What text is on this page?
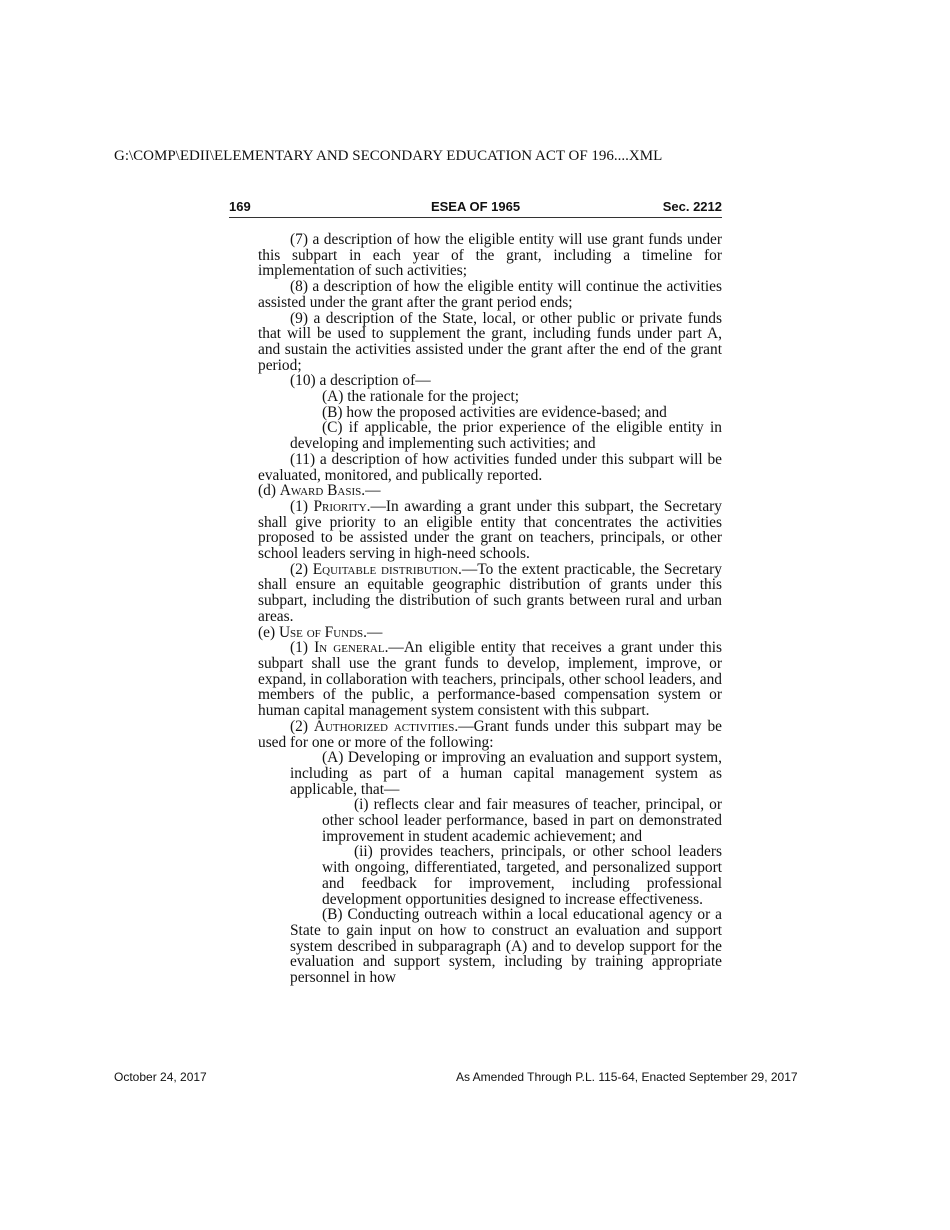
G:\COMP\EDII\ELEMENTARY AND SECONDARY EDUCATION ACT OF 196....XML
169	ESEA OF 1965	Sec. 2212

(7) a description of how the eligible entity will use grant funds under this subpart in each year of the grant, including a timeline for implementation of such activities;

(8) a description of how the eligible entity will continue the activities assisted under the grant after the grant period ends;

(9) a description of the State, local, or other public or private funds that will be used to supplement the grant, including funds under part A, and sustain the activities assisted under the grant after the end of the grant period;

(10) a description of—

(A) the rationale for the project;

(B) how the proposed activities are evidence-based; and

(C) if applicable, the prior experience of the eligible entity in developing and implementing such activities; and

(11) a description of how activities funded under this subpart will be evaluated, monitored, and publically reported.

(d) Award Basis.—

(1) Priority.—In awarding a grant under this subpart, the Secretary shall give priority to an eligible entity that concentrates the activities proposed to be assisted under the grant on teachers, principals, or other school leaders serving in high-need schools.

(2) Equitable distribution.—To the extent practicable, the Secretary shall ensure an equitable geographic distribution of grants under this subpart, including the distribution of such grants between rural and urban areas.

(e) Use of Funds.—

(1) In general.—An eligible entity that receives a grant under this subpart shall use the grant funds to develop, implement, improve, or expand, in collaboration with teachers, principals, other school leaders, and members of the public, a performance-based compensation system or human capital management system consistent with this subpart.

(2) Authorized activities.—Grant funds under this subpart may be used for one or more of the following:

(A) Developing or improving an evaluation and support system, including as part of a human capital management system as applicable, that—

(i) reflects clear and fair measures of teacher, principal, or other school leader performance, based in part on demonstrated improvement in student academic achievement; and

(ii) provides teachers, principals, or other school leaders with ongoing, differentiated, targeted, and personalized support and feedback for improvement, including professional development opportunities designed to increase effectiveness.

(B) Conducting outreach within a local educational agency or a State to gain input on how to construct an evaluation and support system described in subparagraph (A) and to develop support for the evaluation and support system, including by training appropriate personnel in how

October 24, 2017	As Amended Through P.L. 115-64, Enacted September 29, 2017
